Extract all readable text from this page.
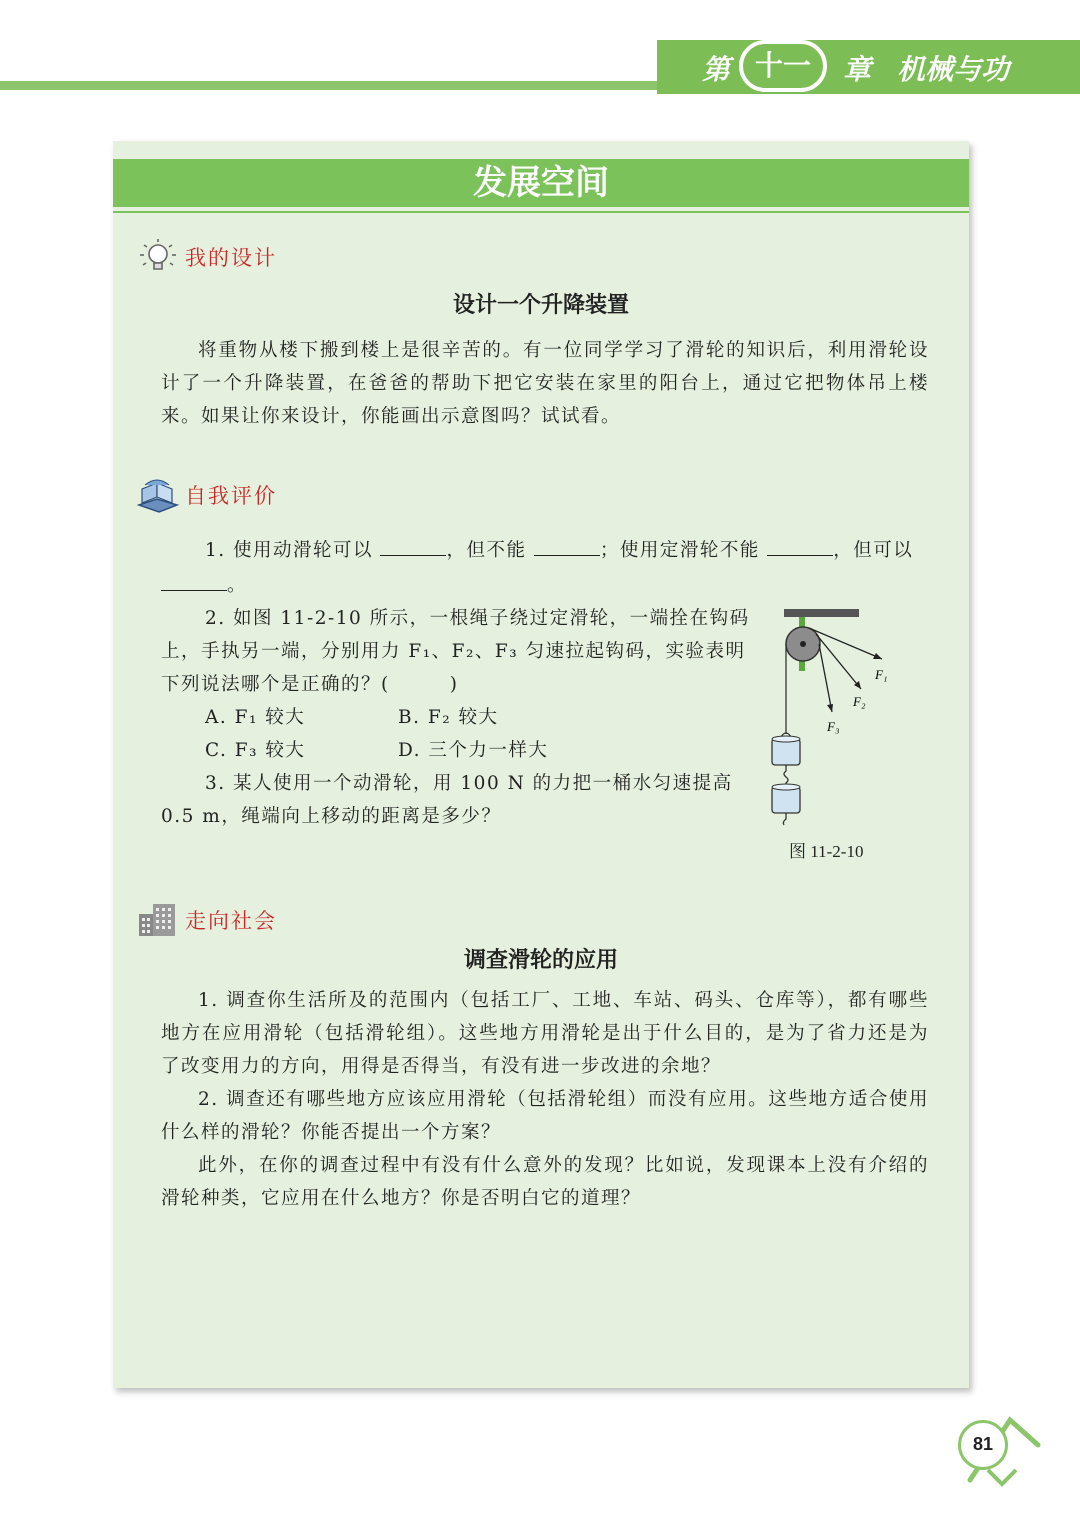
第 十一	章 机械与功
发展空间
我的设计
设计一个升降装置
将重物从楼下搬到楼上是很辛苦的。有一位同学学习了滑轮的知识后，利用滑轮设计了一个升降装置，在爸爸的帮助下把它安装在家里的阳台上，通过它把物体吊上楼来。如果让你来设计，你能画出示意图吗？试试看。
自我评价
1. 使用动滑轮可以	，但不能	；使用定滑轮不能	，但可以
。
2. 如图 11-2-10 所示，一根绳子绕过定滑轮，一端拴在钩码
上，手执另一端，分别用力 F₁、F₂、F₃ 匀速拉起钩码，实验表明
下列说法哪个是正确的？(　　　)
A. F₁ 较大	B. F₂ 较大
C. F₃ 较大	D. 三个力一样大
3. 某人使用一个动滑轮，用 100 N 的力把一桶水匀速提高
0.5 m，绳端向上移动的距离是多少？
F₁
F₂
F₃
图 11-2-10
走向社会
调查滑轮的应用
1. 调查你生活所及的范围内（包括工厂、工地、车站、码头、仓库等），都有哪些地方在应用滑轮（包括滑轮组）。这些地方用滑轮是出于什么目的，是为了省力还是为了改变用力的方向，用得是否得当，有没有进一步改进的余地？
2. 调查还有哪些地方应该应用滑轮（包括滑轮组）而没有应用。这些地方适合使用什么样的滑轮？你能否提出一个方案？
此外，在你的调查过程中有没有什么意外的发现？比如说，发现课本上没有介绍的滑轮种类，它应用在什么地方？你是否明白它的道理？
81
